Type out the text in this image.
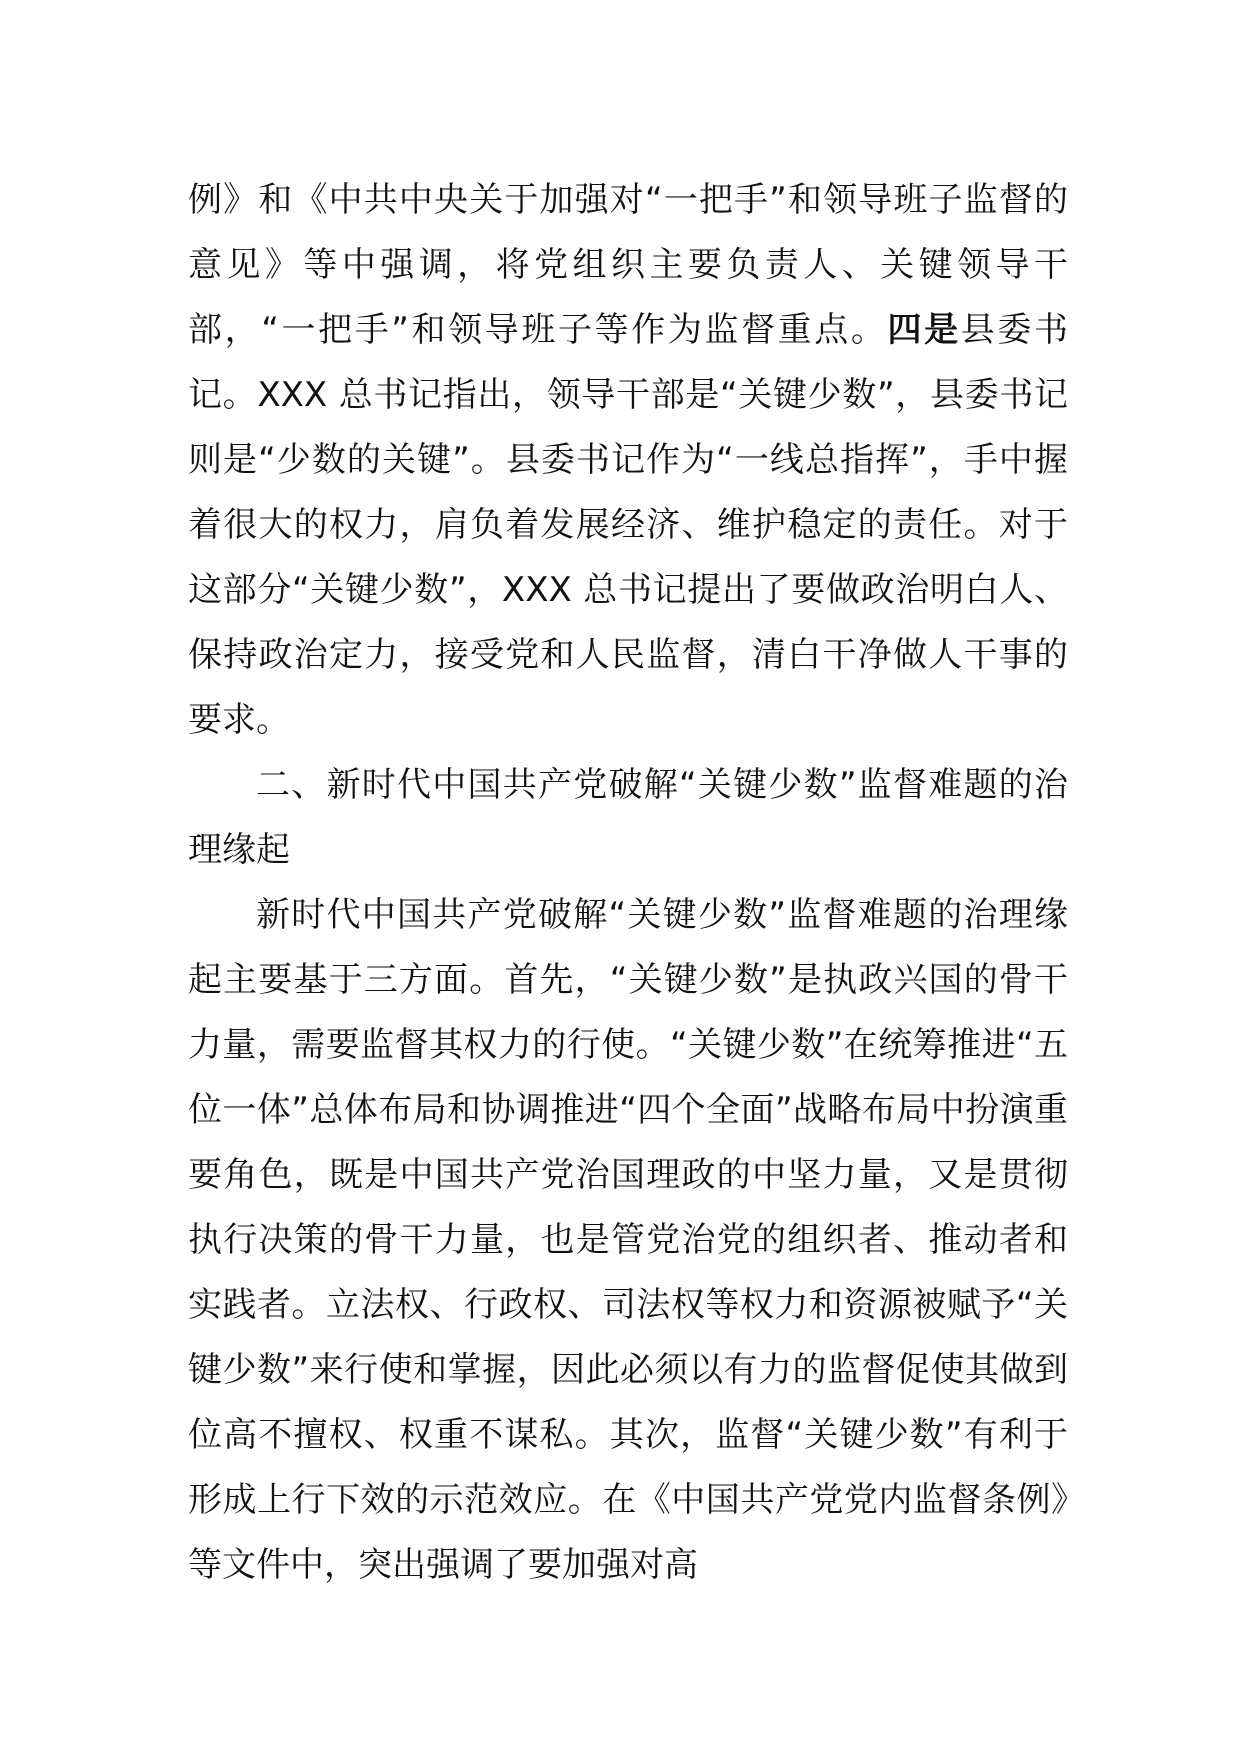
例》和《中共中央关于加强对“一把手”和领导班子监督的意见》等中强调，将党组织主要负责人、关键领导干部，“一把手”和领导班子等作为监督重点。四是县委书记。XXX 总书记指出，领导干部是“关键少数”，县委书记则是“少数的关键”。县委书记作为“一线总指挥”，手中握着很大的权力，肩负着发展经济、维护稳定的责任。对于这部分“关键少数”，XXX 总书记提出了要做政治明白人、保持政治定力，接受党和人民监督，清白干净做人干事的要求。

二、新时代中国共产党破解“关键少数”监督难题的治理缘起

新时代中国共产党破解“关键少数”监督难题的治理缘起主要基于三方面。首先，“关键少数”是执政兴国的骨干力量，需要监督其权力的行使。“关键少数”在统筹推进“五位一体”总体布局和协调推进“四个全面”战略布局中扮演重要角色，既是中国共产党治国理政的中坚力量，又是贯彻执行决策的骨干力量，也是管党治党的组织者、推动者和实践者。立法权、行政权、司法权等权力和资源被赋予“关键少数”来行使和掌握，因此必须以有力的监督促使其做到位高不擅权、权重不谋私。其次，监督“关键少数”有利于形成上行下效的示范效应。在《中国共产党党内监督条例》等文件中，突出强调了要加强对高
